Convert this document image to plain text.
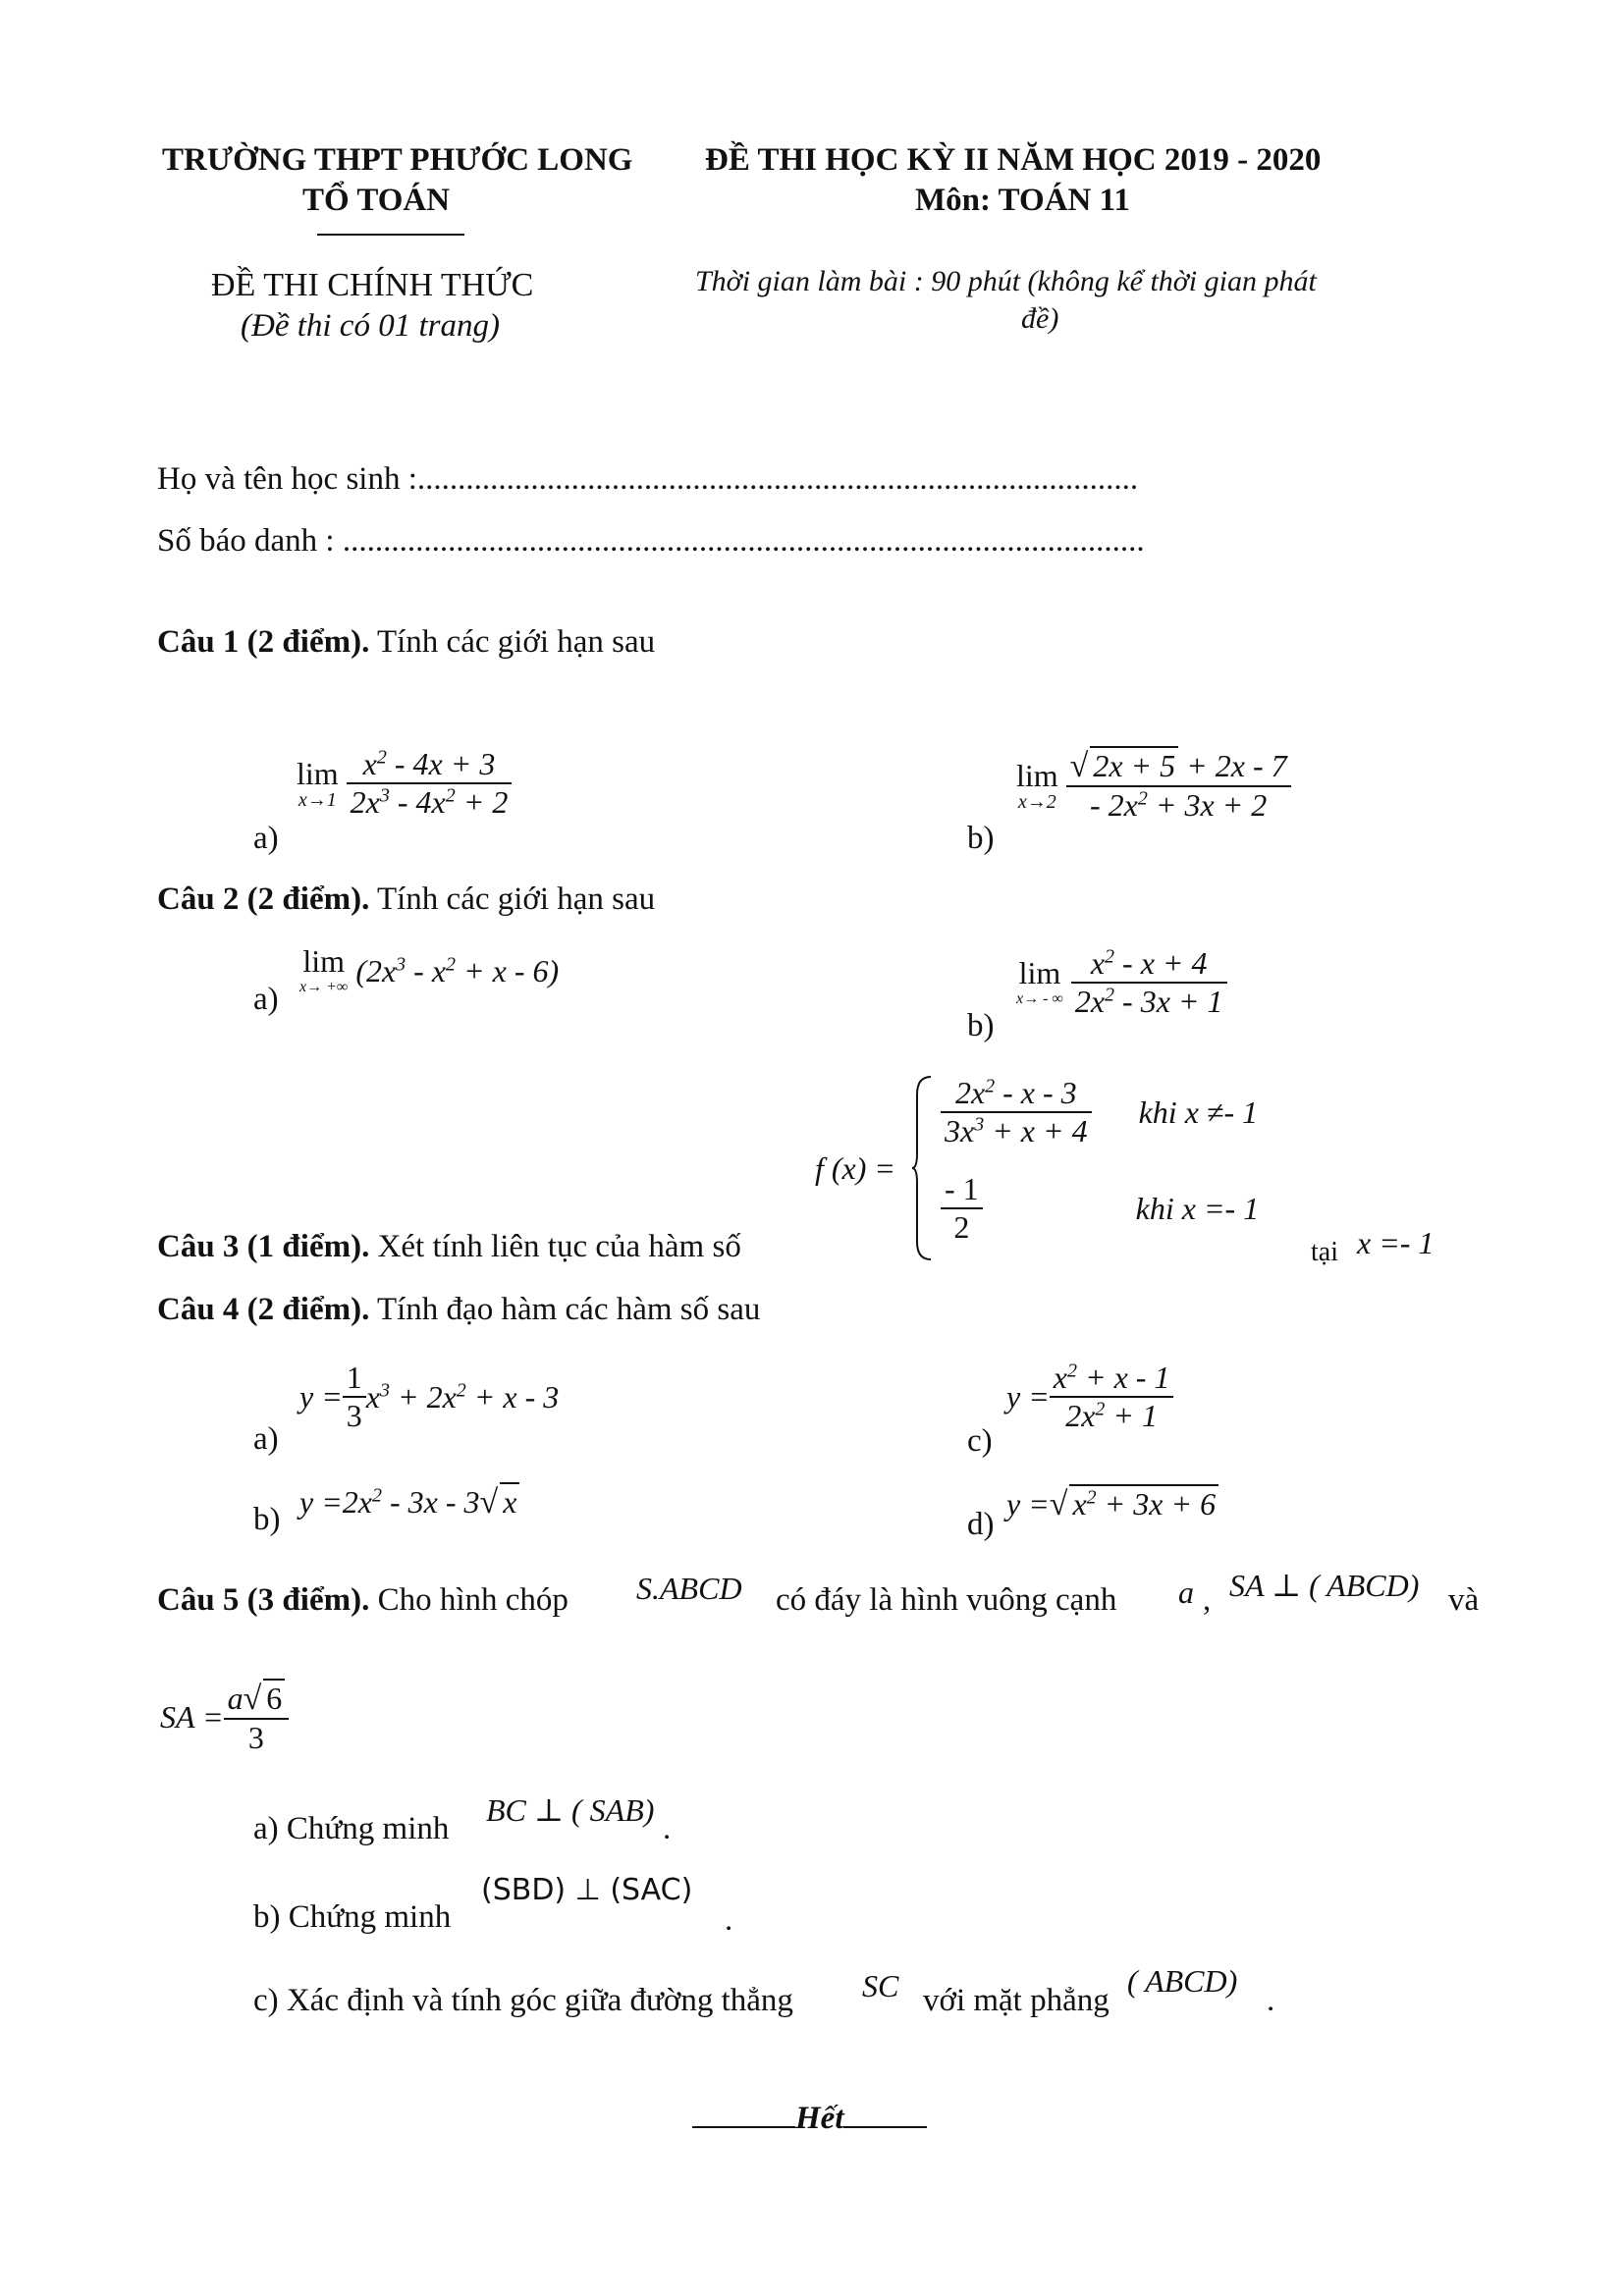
TRƯỜNG THPT PHƯỚC LONG
TỔ TOÁN
ĐỀ THI HỌC KỲ II NĂM HỌC 2019 - 2020
Môn: TOÁN 11
ĐỀ THI CHÍNH THỨC
(Đề thi có 01 trang)
Thời gian làm bài : 90 phút (không kể thời gian phát
đề)
Họ và tên học sinh :.........................................................................................
Số báo danh : ...................................................................................................
Câu 1 (2 điểm). Tính các giới hạn sau
a)
lim
x→1
$\frac{x^2 - 4x + 3}{2x^3 - 4x^2 + 2}$
b)
lim
x→2
$\frac{√ 2x + 5 + 2x - 7}{- 2x^2 + 3x + 2}$
Câu 2 (2 điểm). Tính các giới hạn sau
a)
lim
x→ +∞ $(2x^3 - x^2 + x - 6)$
b)
lim
x→ - ∞
$\frac{x^2 - x + 4}{2x^2 - 3x + 1}$
f (x) =
$\frac{2x^2 - x - 3}{3x^3 + x + 4}$ khi x ≠- 1
$\frac{- 1}{2}$	khi x =- 1
Câu 3 (1 điểm). Xét tính liên tục của hàm số	tại x =- 1
Câu 4 (2 điểm). Tính đạo hàm các hàm số sau
a)
$y = \frac{1}{3} x^3 + 2x^2 + x - 3$
c)
$y = \frac{x^2 + x - 1}{2x^2 + 1}$
b) $y =2x^2 - 3x - 3√$ x
d)
y =√ $x^2 + 3x + 6$
Câu 5 (3 điểm). Cho hình chóp S.ABCD có đáy là hình vuông cạnh a , SA ⊥ ( ABCD) và
SA = $\frac{a√ 6}{3}$
a) Chứng minh
BC ⊥ ( SAB)
.
b) Chứng minh
(SBD) ⊥ (SAC)
.
c) Xác định và tính góc giữa đường thẳng SC với mặt phẳng
( ABCD)
.
Hết
